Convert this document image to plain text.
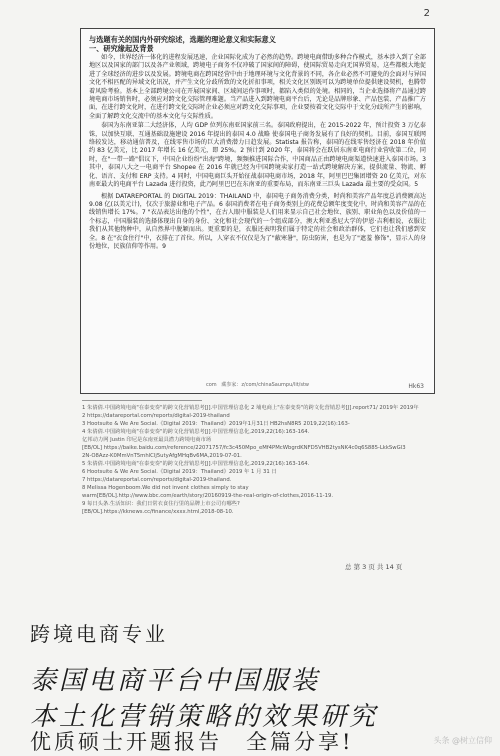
2
与选题有关的国内外研究综述，选题的理论意义和实际意义
一、研究缘起及背景

如今，世界经济一体化的进程发展迅速，企业国际化成为了必然的趋势。跨境电商借助多种合作模式，基本涉入到了全部地区以及国家的部门以及各产业领域，跨境电子商务不仅冲破了国家间的障碍，使国际贸易走向无国界贸易，这些都极大地促进了全球经济的进步以及发展。跨境电商在跨国经营中由于地理环境与文化背景的不同，各企业必然不可避免的会面对与异国文化不相匹配的异域文化讯况，并产生文化分歧所致的文化折扣事项，相关文化区别既可以为跨境单位提供建设契机，也腾带着风险考验。基本上全部跨境公司在开展国家间、区域间运作事项时，都陷入类似的处境。相同的，当企业选择将产品通过跨境电商市场销售时，必须应对跨文化交际管理难题。当产品进入到跨境电商平台后，无论是品牌形象、产品包装、产品推广方面，在进行跨文化时，在进行跨文化交际时企业必须应对跨文化交际事项，企业要按着文化交际中于文化分歧所产生的影响，全面了解跨文化交流中的基本文化与交际性质。

泰国为东南亚第二大经济体，人均 GDP 位列东南亚国家前三名。泰国政府提出，在 2015-2022 年，预计投资 3 万亿泰铢，以加快互联、互通基础设施建设 2016 年提出的泰国 4.0 战略 使泰国电子商务发展有了良好的契机。目前，泰国互联网络较发达，移动通信普及，在线零售市场的巨大消费潜力日趋发展。Statista 报告称，泰国的在线零售经济在 2018 年价值约 83 亿美元，比 2017 年增长 16 亿美元，即 25%。2 预计到 2020 年，泰国将会在跃居东南亚电商行业营收第二位，同时，在"一带一路"倡议下，中国企业纷纷"出海"跨境，频频推进国际合作，中国商品正由跨境电商渠道快速进入泰国市场。3 其中，泰国八大之一电商平台 Shopee 在 2016 年就已经为中国跨境卖家打造一站式跨境解决方案，提供流量、物流、孵化、语言、支付和 ERP 支持。4 同时，中国电商巨头开始征战泰国电商市场，2018 年，阿里巴巴集团增资 20 亿美元，对东南亚最大的电商平台 Lazada 进行投资，此乃阿里巴巴在东南亚的重要布局，而东南亚三巨头 Lazada 最主要的受众国。5

根据 DATAREPORTAL 的 DIGITAL 2019：THAILAND 中，泰国电子商务消费分类，时尚和美容产品年度总消费额高达 9.08 亿(以美元计)，仅次于旅游业和电子产品。6 泰国消费者在电子商务类别上的花费总额年度变化中，时尚和美容产品的在线销售增长 17%。7 "衣品表达出他的个性"，在古人眼中服装是人们用来显示自己社会地位、族别、职业角色以及价值的一个标志，中国服装的选择体现出自身的身份、文化和社会现代的一个组成部分，澳大利亚悉尼大学的伊恩·吉利根说，衣服让我们从其他物种中，从自然界中脱颖而出。更重要的是，衣服还表明我们属于特定的社会和政治群体，它们也让我们感到安全。8 在"衣食住行"中，衣排在了首位。所以，人穿衣不仅仅是为了"蔽寒暑"，防虫防害，也是为了"遮羞 修饰"，显示人的身份地位，民族信仰等作用。9

com 藏参家：z/com/chinaSaumpu/lit/stw	Hk63
1 朱倩倩.中国跨境电商"在泰变奏"的跨文化营销思考[J].中国管理信息化 2 埔电商上"在泰变奏"的跨文化营销思考[J].report71/ 2019年 2019年
2 https://datareportal.com/reports/digital-2019-thailand
3 Hootsuite & We Are Social.《Digital 2019：Thailand》2019年1月31日 HB2hsN8R5 2019,22(16):163-
4 朱倩倩.中国跨境电商"在泰变奏"的跨文化营销思考[J].中国管理信息化,2019,22(16):163-164.
亿邦动力网 Justin 印尼是东南亚最具潜力跨境电商市场
[EB/OL] https://baike.baidu.com/reference/22071757/fc3c450Mpo_eMf4PMcWbgrdKNFD5VHB2tysNK4c0q6S885-LkkSwGl3
2N-O8Azz-K0MmVnT5mhlClj5utyAfgMHqBv6MA,2019-07-01.
5 朱倩倩.中国跨境电商"在泰变奏"的跨文化营销思考[J].中国管理信息化,2019,22(16):163-164.
6 Hootsuite & We Are Social.《Digital 2019：Thailand》2019 年 1 月 31 日
7 https://datareportal.com/reports/digital-2019-thailand.
8 Melissa Hogenboom.We did not invent clothes simply to stay
warm[EB/OL].http://www.bbc.com/earth/story/20160919-the-real-origin-of-clothes,2016-11-19.
9 每日头条.生活知识：我们日常衣食住行里的品牌上市公司有哪些?
[EB/OL].https://kknews.cc/finance/xxxx.html,2018-08-10.
总 第 3 页 共 14 页
跨境电商专业
泰国电商平台中国服装
本土化营销策略的效果研究
优质硕士开题报告　全篇分享!	头条 @树立信仰
